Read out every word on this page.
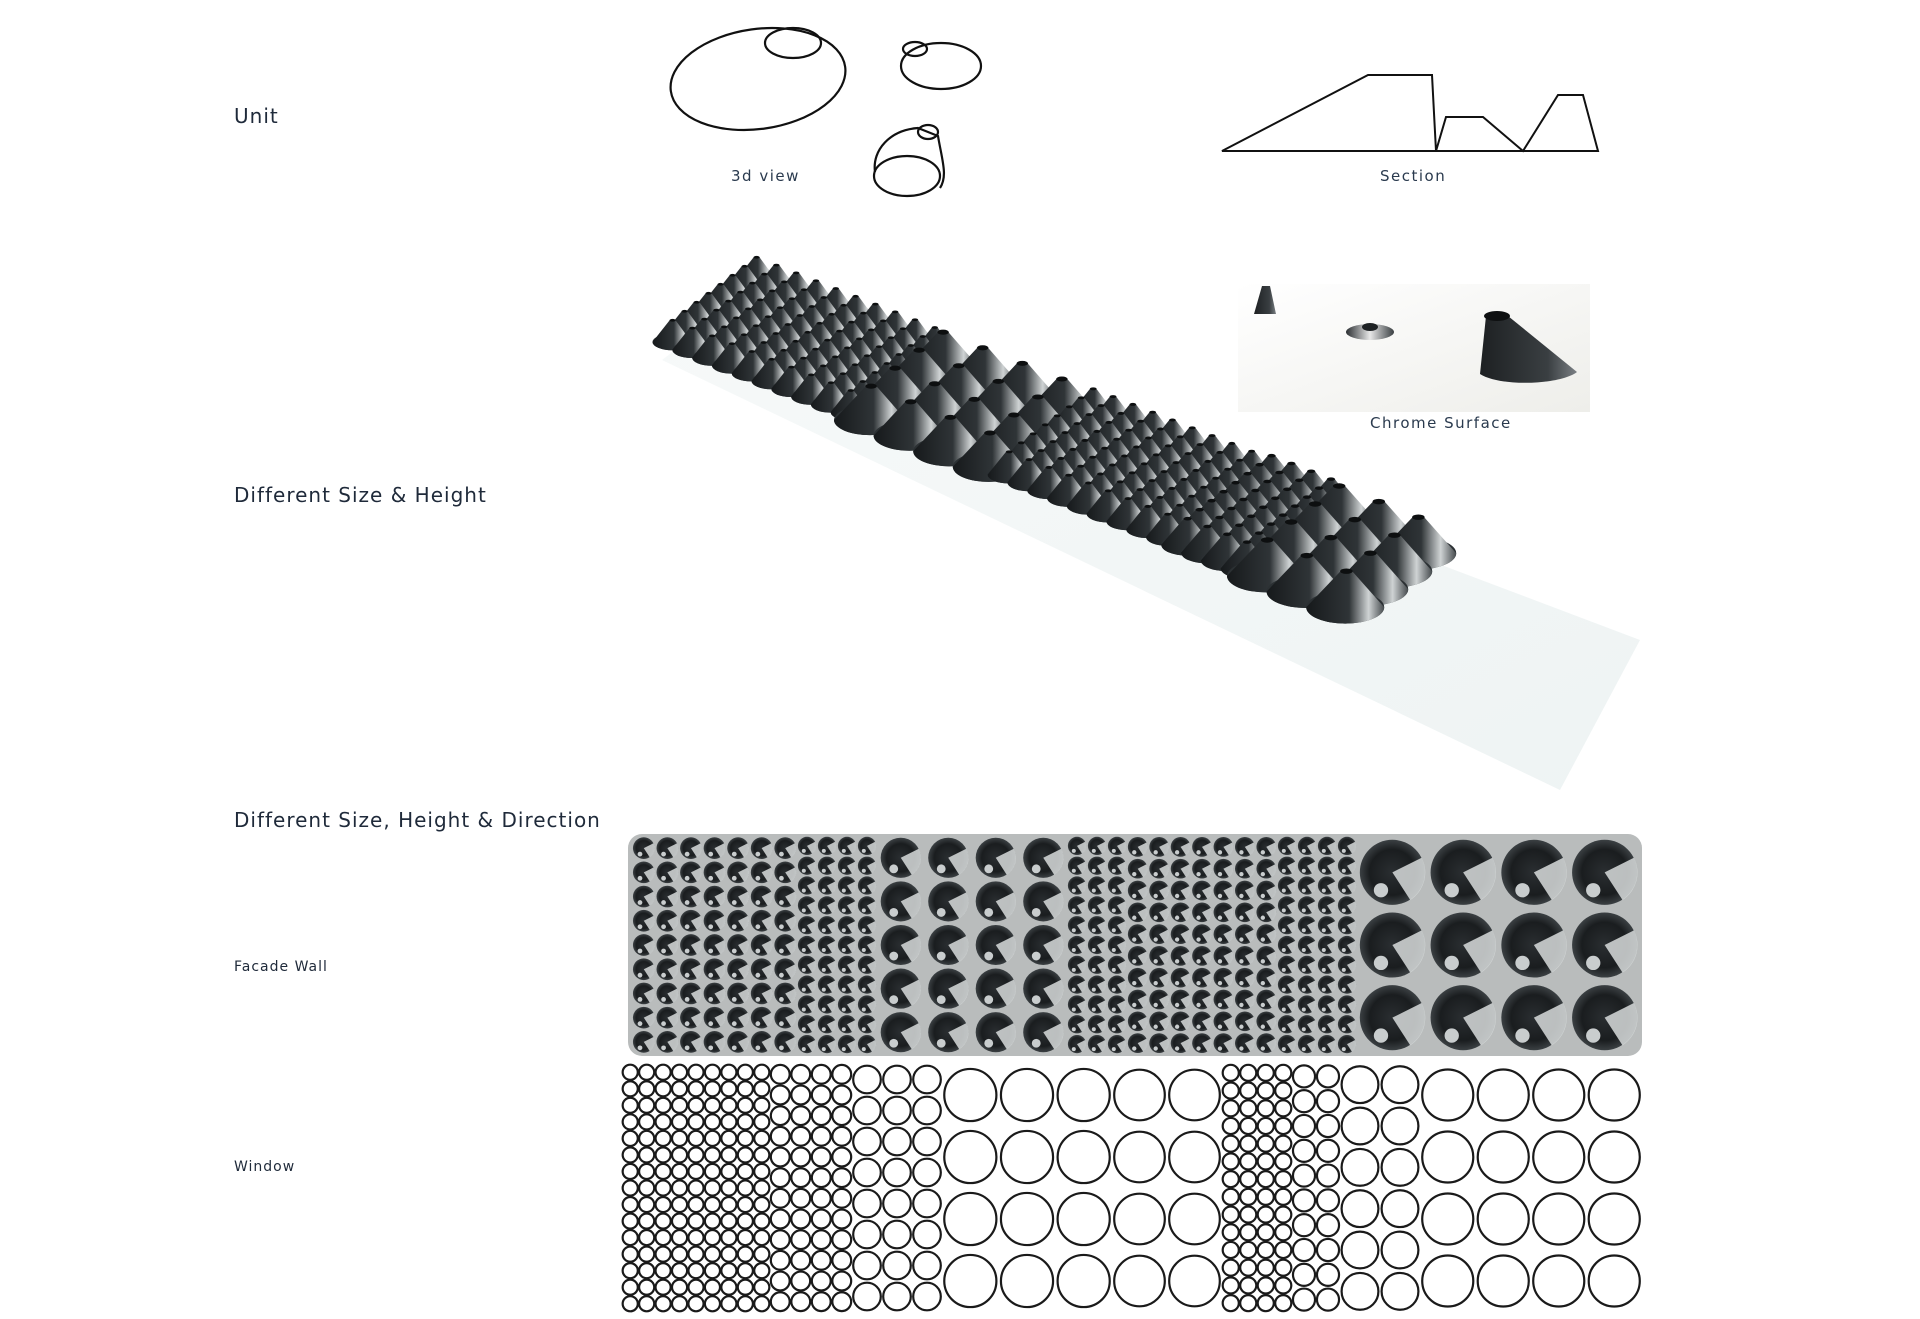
Unit
Different Size & Height
Different Size, Height & Direction

Facade Wall

Window

3d view	Section

Chrome Surface
